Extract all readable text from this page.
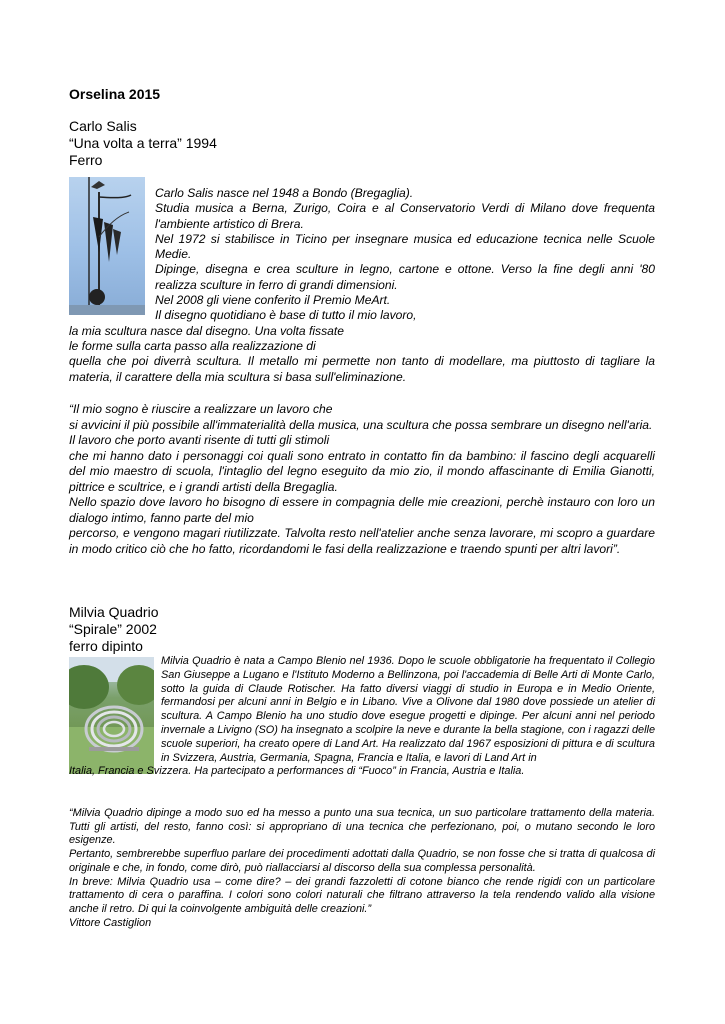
Orselina 2015
Carlo Salis
“Una volta a terra” 1994
Ferro

Carlo Salis nasce nel 1948 a Bondo (Bregaglia).

Studia musica a Berna, Zurigo, Coira e al Conservatorio Verdi di Milano dove frequenta l'ambiente artistico di Brera.

Nel 1972 si stabilisce in Ticino per insegnare musica ed educazione tecnica nelle Scuole Medie.

Dipinge, disegna e crea sculture in legno, cartone e ottone. Verso la fine degli anni '80 realizza sculture in ferro di grandi dimensioni.

Nel 2008 gli viene conferito il Premio MeArt.

Il disegno quotidiano è base di tutto il mio lavoro,

la mia scultura nasce dal disegno. Una volta fissate

le forme sulla carta passo alla realizzazione di

quella che poi diverrà scultura. Il metallo mi permette non tanto di modellare, ma piuttosto di tagliare la materia, il carattere della mia scultura si basa sull'eliminazione.

“Il mio sogno è riuscire a realizzare un lavoro che

si avvicini il più possibile all'immaterialità della musica, una scultura che possa sembrare un disegno nell'aria.

Il lavoro che porto avanti risente di tutti gli stimoli

che mi hanno dato i personaggi coi quali sono entrato in contatto fin da bambino: il fascino degli acquarelli del mio maestro di scuola, l'intaglio del legno eseguito da mio zio, il mondo affascinante di Emilia Gianotti, pittrice e scultrice, e i grandi artisti della Bregaglia.

Nello spazio dove lavoro ho bisogno di essere in compagnia delle mie creazioni, perchè instauro con loro un dialogo intimo, fanno parte del mio

percorso, e vengono magari riutilizzate. Talvolta resto nell'atelier anche senza lavorare, mi scopro a guardare in modo critico ciò che ho fatto, ricordandomi le fasi della realizzazione e traendo spunti per altri lavori”.

Milvia Quadrio
“Spirale” 2002
ferro dipinto

Milvia Quadrio è nata a Campo Blenio nel 1936. Dopo le scuole obbligatorie ha frequentato il Collegio San Giuseppe a Lugano e l'Istituto Moderno a Bellinzona, poi l'accademia di Belle Arti di Monte Carlo, sotto la guida di Claude Rotischer. Ha fatto diversi viaggi di studio in Europa e in Medio Oriente, fermandosi per alcuni anni in Belgio e in Libano. Vive a Olivone dal 1980 dove possiede un atelier di scultura. A Campo Blenio ha uno studio dove esegue progetti e dipinge. Per alcuni anni nel periodo invernale a Livigno (SO) ha insegnato a scolpire la neve e durante la bella stagione, con i ragazzi delle scuole superiori, ha creato opere di Land Art. Ha realizzato dal 1967 esposizioni di pittura e di scultura in Svizzera, Austria, Germania, Spagna, Francia e Italia, e lavori di Land Art in

Italia, Francia e Svizzera. Ha partecipato a performances di “Fuoco” in Francia, Austria e Italia.

“Milvia Quadrio dipinge a modo suo ed ha messo a punto una sua tecnica, un suo particolare trattamento della materia. Tutti gli artisti, del resto, fanno così: si appropriano di una tecnica che perfezionano, poi, o mutano secondo le loro esigenze.

Pertanto, sembrerebbe superfluo parlare dei procedimenti adottati dalla Quadrio, se non fosse che si tratta di qualcosa di originale e che, in fondo, come dirò, può riallacciarsi al discorso della sua complessa personalità.

In breve: Milvia Quadrio usa – come dire? – dei grandi fazzoletti di cotone bianco che rende rigidi con un particolare trattamento di cera o paraffina. I colori sono colori naturali che filtrano attraverso la tela rendendo valido alla visione anche il retro. Di qui la coinvolgente ambiguità delle creazioni.”

Vittore Castiglion
